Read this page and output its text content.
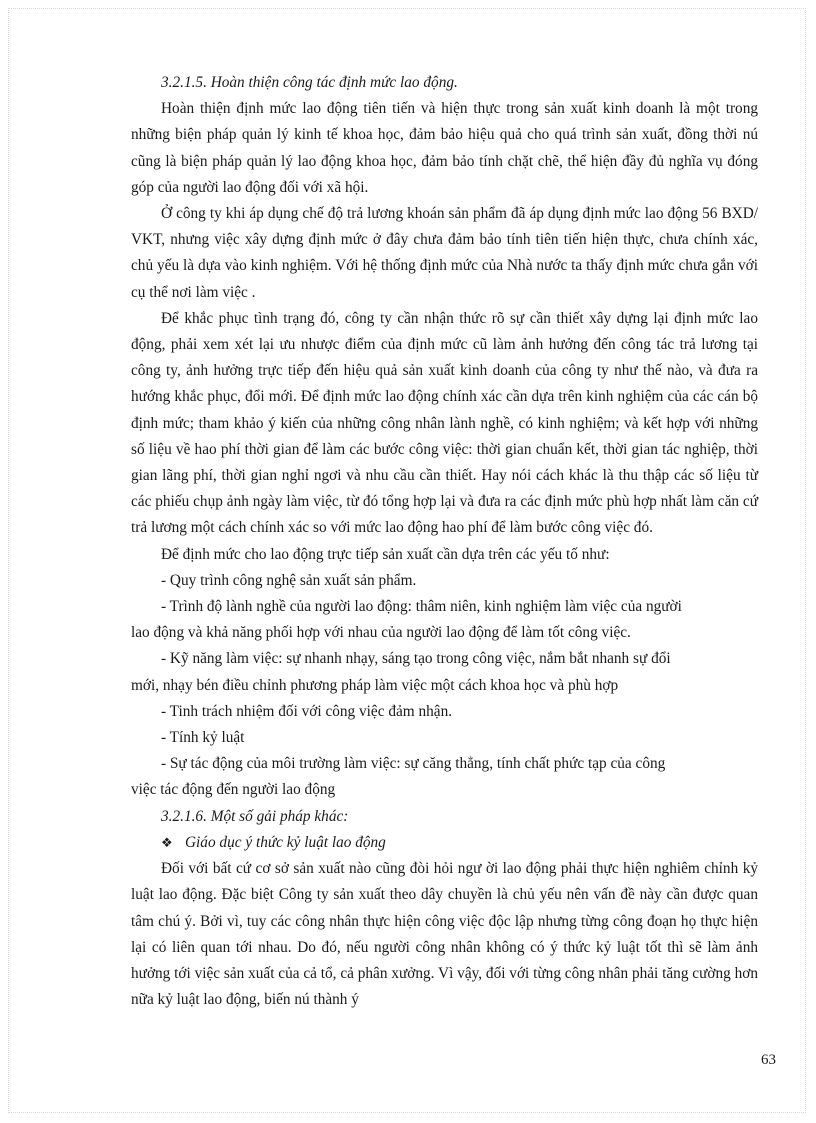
3.2.1.5. Hoàn thiện công tác định mức lao động.

Hoàn thiện định mức lao động tiên tiến và hiện thực trong sản xuất kinh doanh là một trong những biện pháp quản lý kinh tế khoa học, đảm bảo hiệu quả cho quá trình sản xuất, đồng thời nú cũng là biện pháp quản lý lao động khoa học, đảm bảo tính chặt chẽ, thể hiện đầy đủ nghĩa vụ đóng góp của người lao động đối với xã hội.

Ở công ty khi áp dụng chế độ trả lương khoán sản phẩm đã áp dụng định mức lao động 56 BXD/ VKT, nhưng việc xây dựng định mức ở đây chưa đảm bảo tính tiên tiến hiện thực, chưa chính xác, chủ yếu là dựa vào kinh nghiệm. Với hệ thống định mức của Nhà nước ta thấy định mức chưa gắn với cụ thể nơi làm việc .

Để khắc phục tình trạng đó, công ty cần nhận thức rõ sự cần thiết xây dựng lại định mức lao động, phải xem xét lại ưu nhược điểm của định mức cũ làm ảnh hưởng đến công tác trả lương tại công ty, ảnh hưởng trực tiếp đến hiệu quả sản xuất kinh doanh của công ty như thế nào, và đưa ra hướng khắc phục, đổi mới. Để định mức lao động chính xác cần dựa trên kinh nghiệm của các cán bộ định mức; tham khảo ý kiến của những công nhân lành nghề, có kinh nghiệm; và kết hợp với những số liệu về hao phí thời gian để làm các bước công việc: thời gian chuẩn kết, thời gian tác nghiệp, thời gian lãng phí, thời gian nghỉ ngơi và nhu cầu cần thiết. Hay nói cách khác là thu thập các số liệu từ các phiếu chụp ảnh ngày làm việc, từ đó tổng hợp lại và đưa ra các định mức phù hợp nhất làm căn cứ trả lương một cách chính xác so với mức lao động hao phí để làm bước công việc đó.

Để định mức cho lao động trực tiếp sản xuất cần dựa trên các yếu tố như:

- Quy trình công nghệ sản xuất sản phẩm.

- Trình độ lành nghề của người lao động: thâm niên, kinh nghiệm làm việc của người

lao động và khả năng phối hợp với nhau của người lao động để làm tốt công việc.

- Kỹ năng làm việc: sự nhanh nhạy, sáng tạo trong công việc, nắm bắt nhanh sự đổi

mới, nhạy bén điều chỉnh phương pháp làm việc một cách khoa học và phù hợp

- Tinh trách nhiệm đối với công việc đảm nhận.

- Tính kỷ luật

- Sự tác động của môi trường làm việc: sự căng thẳng, tính chất phức tạp của công

việc tác động đến người lao động

3.2.1.6. Một số gải pháp khác:

❖ Giáo dục ý thức kỷ luật lao động

Đối với bất cứ cơ sở sản xuất nào cũng đòi hỏi ngư ời lao động phải thực hiện nghiêm chỉnh kỷ luật lao động. Đặc biệt Công ty sản xuất theo dây chuyền là chủ yếu nên vấn đề này cần được quan tâm chú ý. Bởi vì, tuy các công nhân thực hiện công việc độc lập nhưng từng công đoạn họ thực hiện lại có liên quan tới nhau. Do đó, nếu người công nhân không có ý thức kỷ luật tốt thì sẽ làm ảnh hưởng tới việc sản xuất của cả tổ, cả phân xưởng. Vì vậy, đối với từng công nhân phải tăng cường hơn nữa kỷ luật lao động, biến nú thành ý

63
